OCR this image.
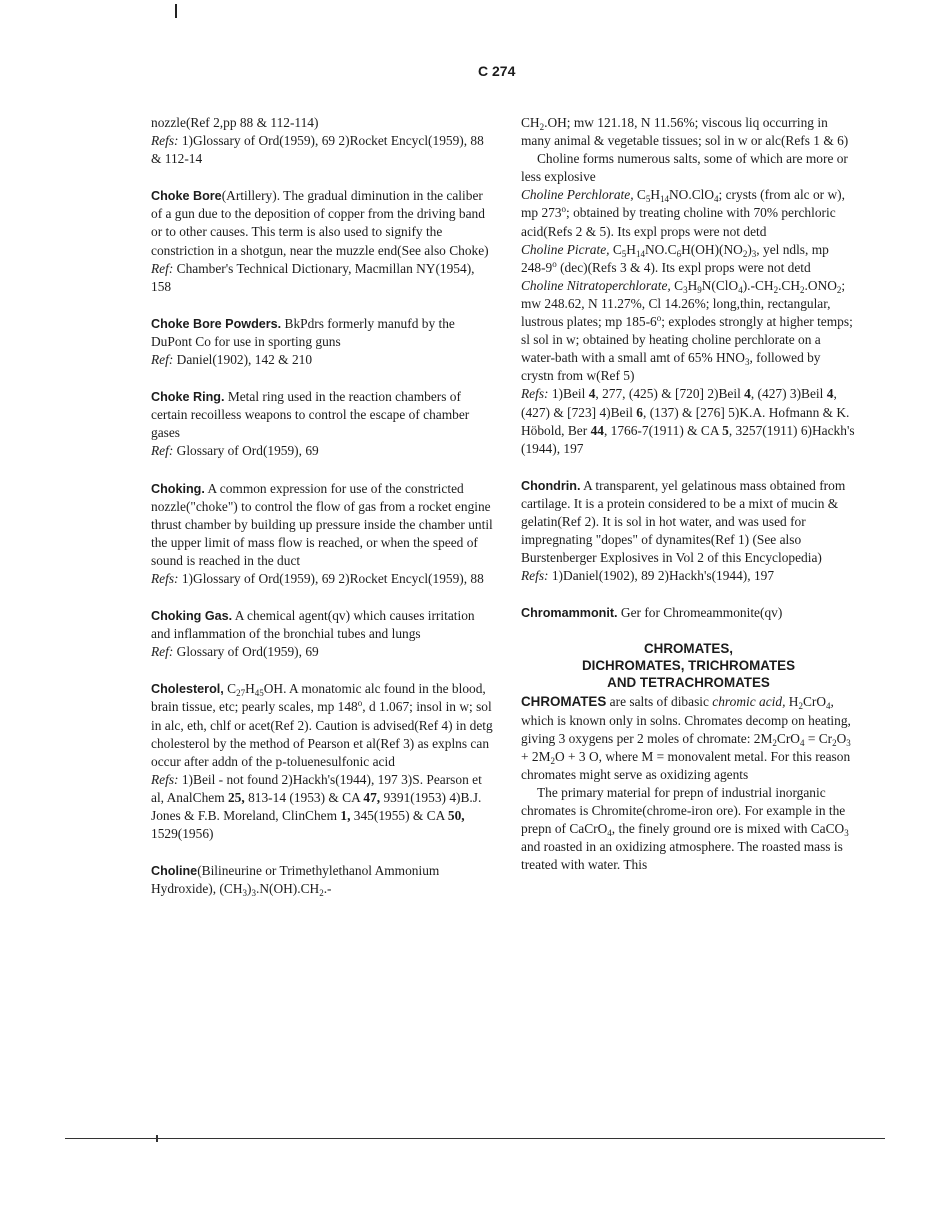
C 274

nozzle(Ref 2,pp 88 & 112-114)
Refs: 1)Glossary of Ord(1959), 69 2)Rocket Encycl(1959), 88 & 112-14

Choke Bore(Artillery). The gradual diminution in the caliber of a gun due to the deposition of copper from the driving band or to other causes. This term is also used to signify the constriction in a shotgun, near the muzzle end(See also Choke)
Ref: Chamber's Technical Dictionary, Macmillan NY(1954), 158

Choke Bore Powders. BkPdrs formerly manufd by the DuPont Co for use in sporting guns
Ref: Daniel(1902), 142 & 210

Choke Ring. Metal ring used in the reaction chambers of certain recoilless weapons to control the escape of chamber gases
Ref: Glossary of Ord(1959), 69

Choking. A common expression for use of the constricted nozzle("choke") to control the flow of gas from a rocket engine thrust chamber by building up pressure inside the chamber until the upper limit of mass flow is reached, or when the speed of sound is reached in the duct
Refs: 1)Glossary of Ord(1959), 69 2)Rocket Encycl(1959), 88

Choking Gas. A chemical agent(qv) which causes irritation and inflammation of the bronchial tubes and lungs
Ref: Glossary of Ord(1959), 69

Cholesterol, $C_{27}H_{45}OH$. A monatomic alc found in the blood, brain tissue, etc; pearly scales, mp 148$^o$, d 1.067; insol in w; sol in alc, eth, chlf or acet(Ref 2). Caution is advised(Ref 4) in detg cholesterol by the method of Pearson et al(Ref 3) as explns can occur after addn of the p-toluenesulfonic acid
Refs: 1)Beil - not found 2)Hackh's(1944), 197 3)S. Pearson et al, AnalChem 25, 813-14 (1953) & CA 47, 9391(1953) 4)B.J. Jones & F.B. Moreland, ClinChem 1, 345(1955) & CA 50, 1529(1956)

Choline(Bilineurine or Trimethylethanol Ammonium Hydroxide), $(CH_3)_3.N(OH).CH_2.-$

$CH_2.OH$; mw 121.18, N 11.56%; viscous liq occurring in many animal & vegetable tissues; sol in w or alc(Refs 1 & 6)

Choline forms numerous salts, some of which are more or less explosive

Choline Perchlorate, $C_5H_{14}NO.ClO_4$; crysts (from alc or w), mp 273$^o$; obtained by treating choline with 70% perchloric acid(Refs 2 & 5). Its expl props were not detd

Choline Picrate, $C_5H_{14}NO.C_6H(OH)(NO_2)_3$, yel ndls, mp 248-9$^o$ (dec)(Refs 3 & 4). Its expl props were not detd

Choline Nitratoperchlorate, $C_3H_9N(ClO_4).-CH_2.CH_2.ONO_2$; mw 248.62, N 11.27%, Cl 14.26%; long,thin, rectangular, lustrous plates; mp 185-6$^o$; explodes strongly at higher temps; sl sol in w; obtained by heating choline perchlorate on a water-bath with a small amt of 65% $HNO_3$, followed by crystn from w(Ref 5)
Refs: 1)Beil 4, 277, (425) & [720] 2)Beil 4, (427) 3)Beil 4, (427) & [723] 4)Beil 6, (137) & [276] 5)K.A. Hofmann & K. Höbold, Ber 44, 1766-7(1911) & CA 5, 3257(1911) 6)Hackh's (1944), 197

Chondrin. A transparent, yel gelatinous mass obtained from cartilage. It is a protein considered to be a mixt of mucin & gelatin(Ref 2). It is sol in hot water, and was used for impregnating "dopes" of dynamites(Ref 1) (See also Burstenberger Explosives in Vol 2 of this Encyclopedia)
Refs: 1)Daniel(1902), 89 2)Hackh's(1944), 197

Chromammonit. Ger for Chromeammonite(qv)

CHROMATES,
DICHROMATES, TRICHROMATES
AND TETRACHROMATES

CHROMATES are salts of dibasic chromic acid, $H_2CrO_4$, which is known only in solns. Chromates decomp on heating, giving 3 oxygens per 2 moles of chromate: $2M_2CrO_4 = Cr_2O_3 + 2M_2O + 3$ O, where M = monovalent metal. For this reason chromates might serve as oxidizing agents

The primary material for prepn of industrial inorganic chromates is Chromite(chrome-iron ore). For example in the prepn of CaCrO$_4$, the finely ground ore is mixed with CaCO$_3$ and roasted in an oxidizing atmosphere. The roasted mass is treated with water. This
